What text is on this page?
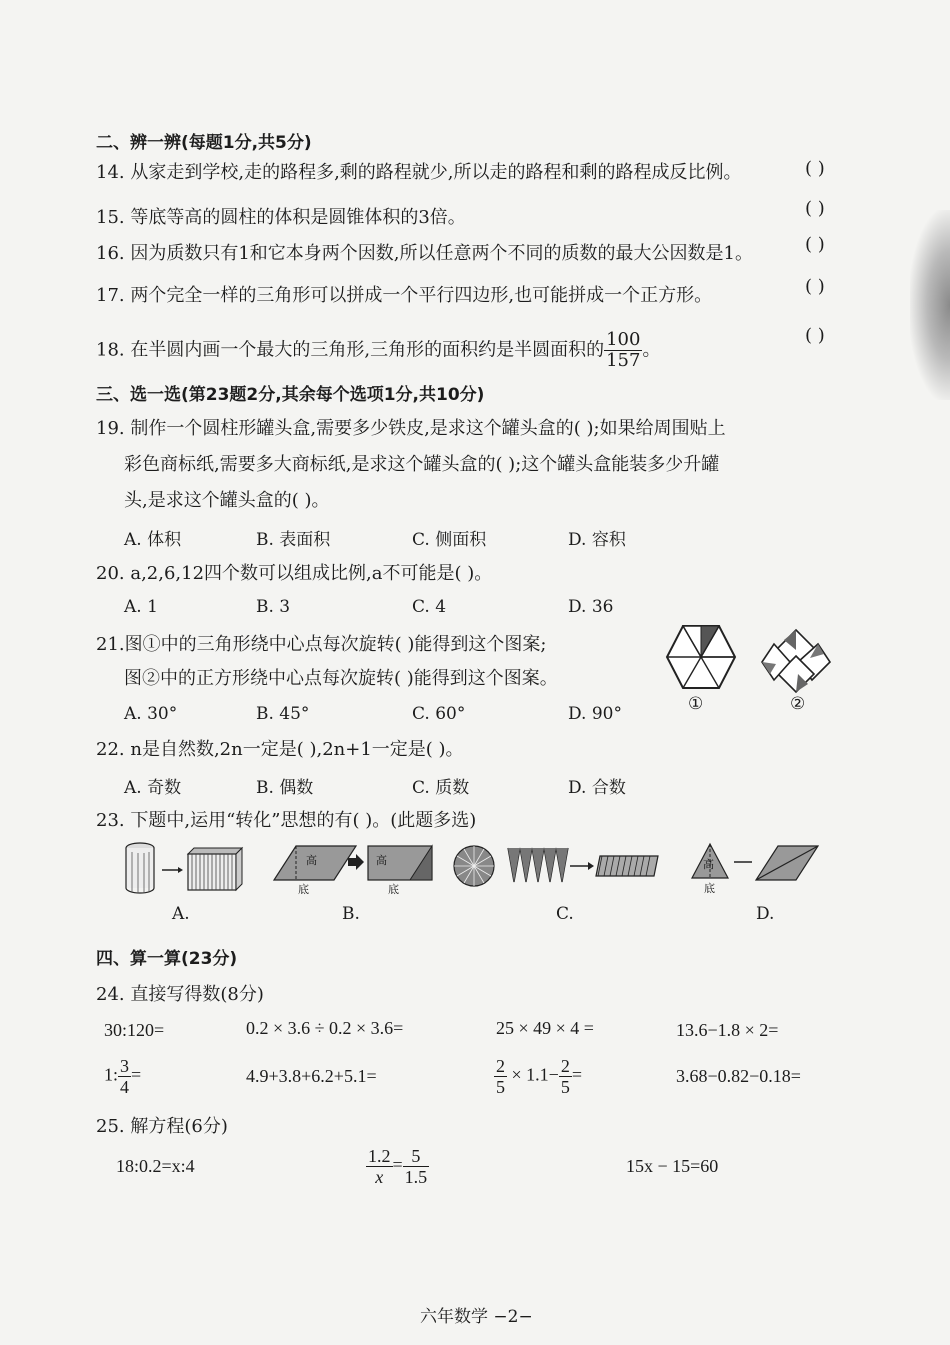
二、辨一辨(每题1分,共5分)
14. 从家走到学校,走的路程多,剩的路程就少,所以走的路程和剩的路程成反比例。	( )
15. 等底等高的圆柱的体积是圆锥体积的3倍。	( )
16. 因为质数只有1和它本身两个因数,所以任意两个不同的质数的最大公因数是1。	( )
17. 两个完全一样的三角形可以拼成一个平行四边形,也可能拼成一个正方形。	( )
18. 在半圆内画一个最大的三角形,三角形的面积约是半圆面积的 $\frac{100}{157}$ 。
( )
三、选一选(第23题2分,其余每个选项1分,共10分)
19. 制作一个圆柱形罐头盒,需要多少铁皮,是求这个罐头盒的( );如果给周围贴上
彩色商标纸,需要多大商标纸,是求这个罐头盒的( );这个罐头盒能装多少升罐
头,是求这个罐头盒的( )。
A. 体积	B. 表面积	C. 侧面积	D. 容积
20. a,2,6,12四个数可以组成比例,a不可能是( )。
A. 1	B. 3	C. 4	D. 36
21.图①中的三角形绕中心点每次旋转( )能得到这个图案;
图②中的正方形绕中心点每次旋转( )能得到这个图案。
A. 30°	B. 45°	C. 60°	D. 90°	①	②
22. n是自然数,2n一定是( ),2n+1一定是( )。
A. 奇数	B. 偶数	C. 质数	D. 合数
23. 下题中,运用“转化”思想的有( )。(此题多选)
高
底
高
底
高
底
A.	B.	C.	D.
四、算一算(23分)
24. 直接写得数(8分)
30:120=	0.2 × 3.6 ÷ 0.2 × 3.6=	25 × 49 × 4 =	13.6−1.8 × 2=
1: $\frac{3}{4}$ =	4.9+3.8+6.2+5.1=	$\frac{2}{5} \times 1.1- \frac{2}{5}$ =	3.68−0.82−0.18=
25. 解方程(6分)
18:0.2=x:4	$\frac{1.2}{x} = \frac{5}{1.5}$	15x − 15=60
六年数学 −2−
